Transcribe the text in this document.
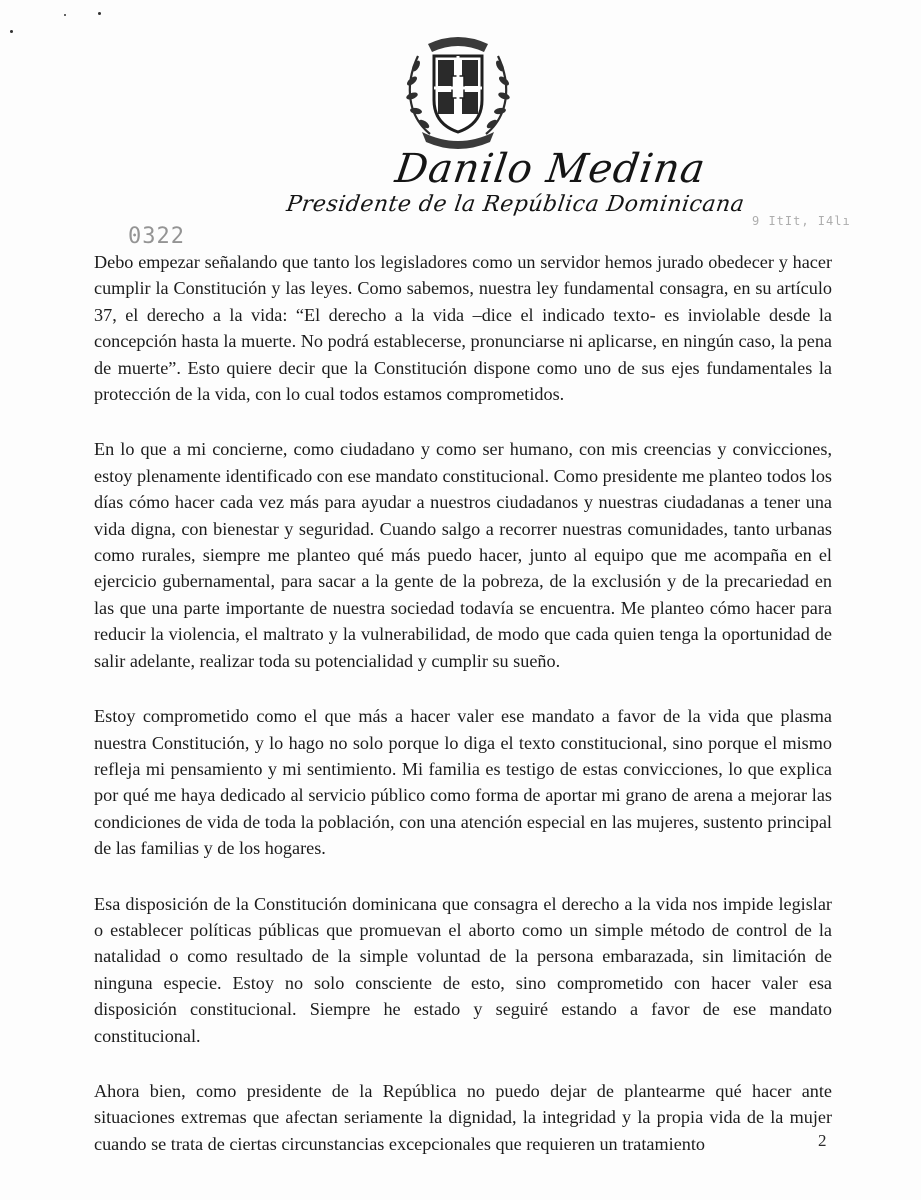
Danilo Medina
Presidente de la República Dominicana
0322
9 ItIt, I4lı

Debo empezar señalando que tanto los legisladores como un servidor hemos jurado obedecer y hacer cumplir la Constitución y las leyes. Como sabemos, nuestra ley fundamental consagra, en su artículo 37, el derecho a la vida: “El derecho a la vida –dice el indicado texto- es inviolable desde la concepción hasta la muerte. No podrá establecerse, pronunciarse ni aplicarse, en ningún caso, la pena de muerte”. Esto quiere decir que la Constitución dispone como uno de sus ejes fundamentales la protección de la vida, con lo cual todos estamos comprometidos.

En lo que a mi concierne, como ciudadano y como ser humano, con mis creencias y convicciones, estoy plenamente identificado con ese mandato constitucional. Como presidente me planteo todos los días cómo hacer cada vez más para ayudar a nuestros ciudadanos y nuestras ciudadanas a tener una vida digna, con bienestar y seguridad. Cuando salgo a recorrer nuestras comunidades, tanto urbanas como rurales, siempre me planteo qué más puedo hacer, junto al equipo que me acompaña en el ejercicio gubernamental, para sacar a la gente de la pobreza, de la exclusión y de la precariedad en las que una parte importante de nuestra sociedad todavía se encuentra. Me planteo cómo hacer para reducir la violencia, el maltrato y la vulnerabilidad, de modo que cada quien tenga la oportunidad de salir adelante, realizar toda su potencialidad y cumplir su sueño.

Estoy comprometido como el que más a hacer valer ese mandato a favor de la vida que plasma nuestra Constitución, y lo hago no solo porque lo diga el texto constitucional, sino porque el mismo refleja mi pensamiento y mi sentimiento. Mi familia es testigo de estas convicciones, lo que explica por qué me haya dedicado al servicio público como forma de aportar mi grano de arena a mejorar las condiciones de vida de toda la población, con una atención especial en las mujeres, sustento principal de las familias y de los hogares.

Esa disposición de la Constitución dominicana que consagra el derecho a la vida nos impide legislar o establecer políticas públicas que promuevan el aborto como un simple método de control de la natalidad o como resultado de la simple voluntad de la persona embarazada, sin limitación de ninguna especie. Estoy no solo consciente de esto, sino comprometido con hacer valer esa disposición constitucional. Siempre he estado y seguiré estando a favor de ese mandato constitucional.

Ahora bien, como presidente de la República no puedo dejar de plantearme qué hacer ante situaciones extremas que afectan seriamente la dignidad, la integridad y la propia vida de la mujer cuando se trata de ciertas circunstancias excepcionales que requieren un tratamiento	2
